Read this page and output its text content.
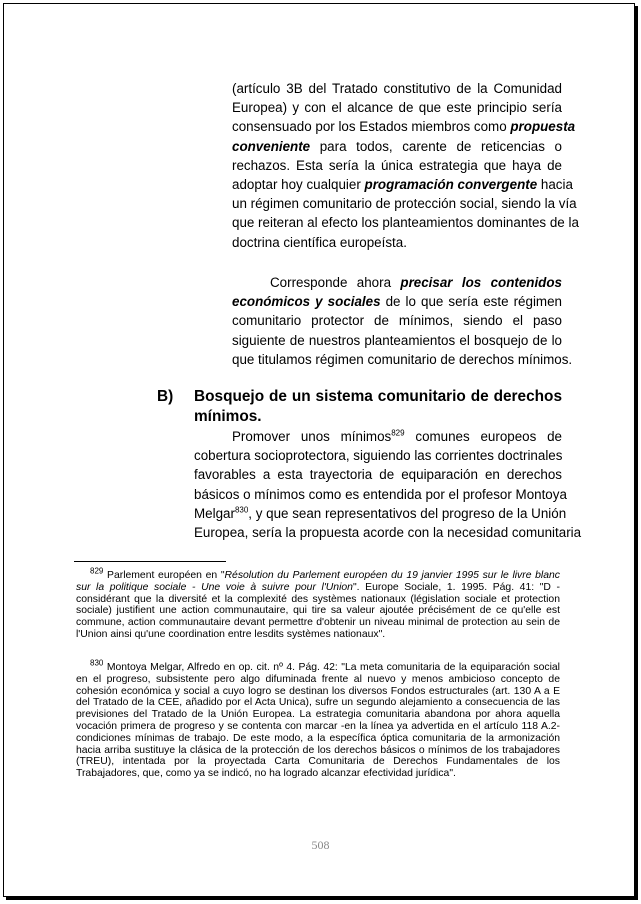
(artículo 3B del Tratado constitutivo de la Comunidad
Europea) y con el alcance de que este principio sería
consensuado por los Estados miembros como propuesta
conveniente para todos, carente de reticencias o
rechazos. Esta sería la única estrategia que haya de
adoptar hoy cualquier programación convergente hacia
un régimen comunitario de protección social, siendo la vía
que reiteran al efecto los planteamientos dominantes de la
doctrina científica europeísta.
Corresponde ahora precisar los contenidos
económicos y sociales de lo que sería este régimen
comunitario protector de mínimos, siendo el paso
siguiente de nuestros planteamientos el bosquejo de lo
que titulamos régimen comunitario de derechos mínimos.
B) Bosquejo de un sistema comunitario de derechos
mínimos.
Promover unos mínimos$^{829}$ comunes europeos de
cobertura socioprotectora, siguiendo las corrientes doctrinales
favorables a esta trayectoria de equiparación en derechos
básicos o mínimos como es entendida por el profesor Montoya
Melgar$^{830}$, y que sean representativos del progreso de la Unión
Europea, sería la propuesta acorde con la necesidad comunitaria
$^{829}$ Parlement européen en "Résolution du Parlement européen du 19 janvier 1995 sur le livre blanc
sur la politique sociale - Une voie à suivre pour l'Union". Europe Sociale, 1. 1995. Pág. 41: "D -
considérant que la diversité et la complexité des systèmes nationaux (législation sociale et protection
sociale) justifient une action communautaire, qui tire sa valeur ajoutée précisément de ce qu'elle est
commune, action communautaire devant permettre d'obtenir un niveau minimal de protection au sein de
l'Union ainsi qu'une coordination entre lesdits systèmes nationaux".
$^{830}$ Montoya Melgar, Alfredo en op. cit. nº 4. Pág. 42: "La meta comunitaria de la equiparación social
en el progreso, subsistente pero algo difuminada frente al nuevo y menos ambicioso concepto de
cohesión económica y social a cuyo logro se destinan los diversos Fondos estructurales (art. 130 A a E
del Tratado de la CEE, añadido por el Acta Unica), sufre un segundo alejamiento a consecuencia de las
previsiones del Tratado de la Unión Europea. La estrategia comunitaria abandona por ahora aquella
vocación primera de progreso y se contenta con marcar -en la línea ya advertida en el artículo 118 A.2-
condiciones mínimas de trabajo. De este modo, a la específica óptica comunitaria de la armonización
hacia arriba sustituye la clásica de la protección de los derechos básicos o mínimos de los trabajadores
(TREU), intentada por la proyectada Carta Comunitaria de Derechos Fundamentales de los
Trabajadores, que, como ya se indicó, no ha logrado alcanzar efectividad jurídica".
508
